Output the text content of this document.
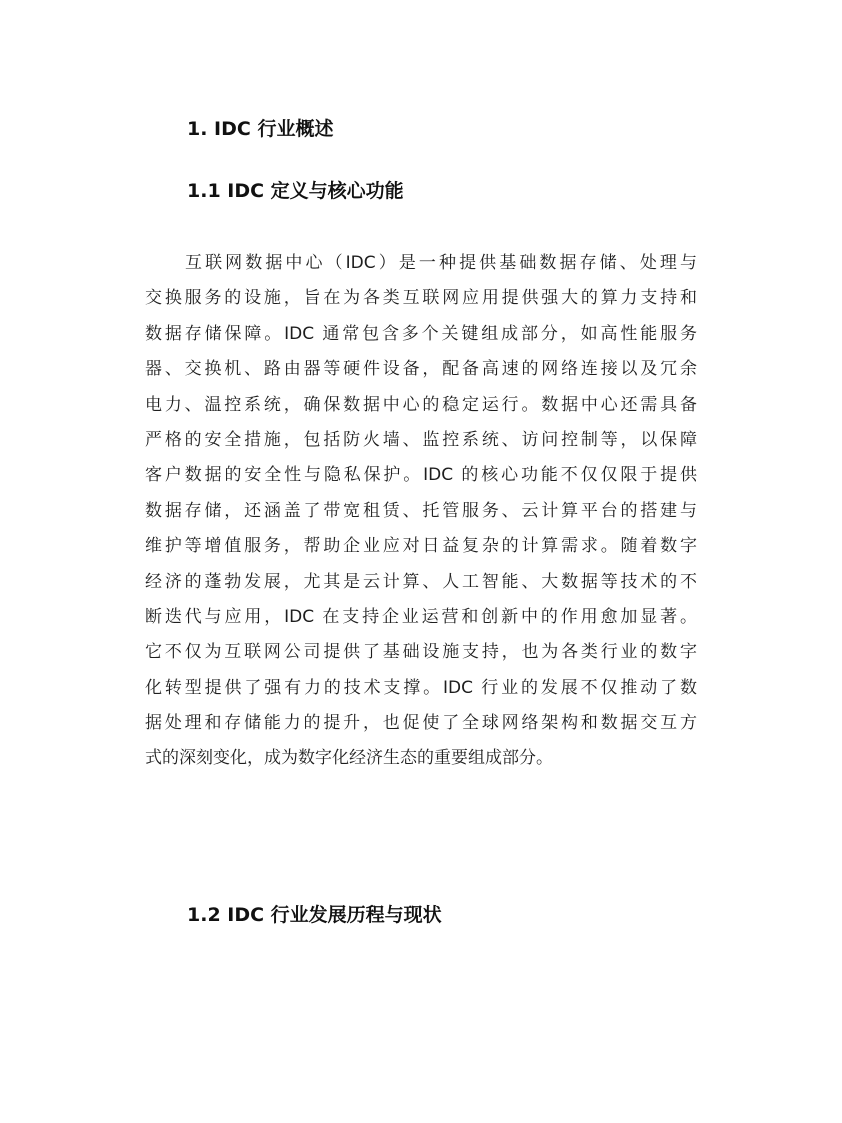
1. IDC 行业概述
1.1 IDC 定义与核心功能
互联网数据中心（IDC）是一种提供基础数据存储、处理与
交换服务的设施，旨在为各类互联网应用提供强大的算力支持和
数据存储保障。IDC 通常包含多个关键组成部分，如高性能服务
器、交换机、路由器等硬件设备，配备高速的网络连接以及冗余
电力、温控系统，确保数据中心的稳定运行。数据中心还需具备
严格的安全措施，包括防火墙、监控系统、访问控制等，以保障
客户数据的安全性与隐私保护。IDC 的核心功能不仅仅限于提供
数据存储，还涵盖了带宽租赁、托管服务、云计算平台的搭建与
维护等增值服务，帮助企业应对日益复杂的计算需求。随着数字
经济的蓬勃发展，尤其是云计算、人工智能、大数据等技术的不
断迭代与应用，IDC 在支持企业运营和创新中的作用愈加显著。
它不仅为互联网公司提供了基础设施支持，也为各类行业的数字
化转型提供了强有力的技术支撑。IDC 行业的发展不仅推动了数
据处理和存储能力的提升，也促使了全球网络架构和数据交互方
式的深刻变化，成为数字化经济生态的重要组成部分。
1.2 IDC 行业发展历程与现状
